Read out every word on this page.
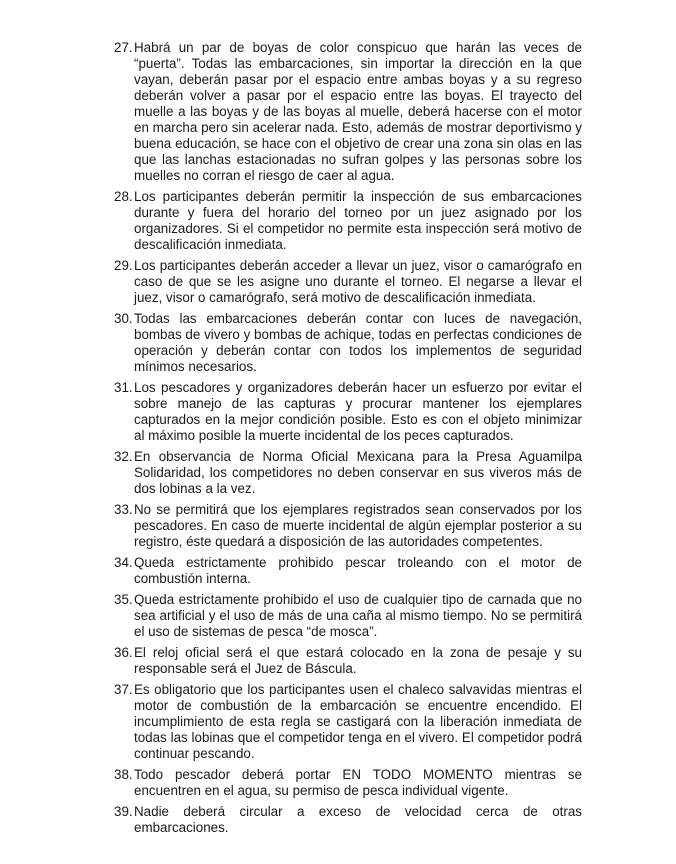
27. Habrá un par de boyas de color conspicuo que harán las veces de “puerta”. Todas las embarcaciones, sin importar la dirección en la que vayan, deberán pasar por el espacio entre ambas boyas y a su regreso deberán volver a pasar por el espacio entre las boyas. El trayecto del muelle a las boyas y de las boyas al muelle, deberá hacerse con el motor en marcha pero sin acelerar nada. Esto, además de mostrar deportivismo y buena educación, se hace con el objetivo de crear una zona sin olas en las que las lanchas estacionadas no sufran golpes y las personas sobre los muelles no corran el riesgo de caer al agua.
28. Los participantes deberán permitir la inspección de sus embarcaciones durante y fuera del horario del torneo por un juez asignado por los organizadores. Si el competidor no permite esta inspección será motivo de descalificación inmediata.
29. Los participantes deberán acceder a llevar un juez, visor o camarógrafo en caso de que se les asigne uno durante el torneo. El negarse a llevar el juez, visor o camarógrafo, será motivo de descalificación inmediata.
30. Todas las embarcaciones deberán contar con luces de navegación, bombas de vivero y bombas de achique, todas en perfectas condiciones de operación y deberán contar con todos los implementos de seguridad mínimos necesarios.
31. Los pescadores y organizadores deberán hacer un esfuerzo por evitar el sobre manejo de las capturas y procurar mantener los ejemplares capturados en la mejor condición posible. Esto es con el objeto minimizar al máximo posible la muerte incidental de los peces capturados.
32. En observancia de Norma Oficial Mexicana para la Presa Aguamilpa Solidaridad, los competidores no deben conservar en sus viveros más de dos lobinas a la vez.
33. No se permitirá que los ejemplares registrados sean conservados por los pescadores. En caso de muerte incidental de algún ejemplar posterior a su registro, éste quedará a disposición de las autoridades competentes.
34. Queda estrictamente prohibido pescar troleando con el motor de combustión interna.
35. Queda estrictamente prohibido el uso de cualquier tipo de carnada que no sea artificial y el uso de más de una caña al mismo tiempo. No se permitirá el uso de sistemas de pesca “de mosca”.
36. El reloj oficial será el que estará colocado en la zona de pesaje y su responsable será el Juez de Báscula.
37. Es obligatorio que los participantes usen el chaleco salvavidas mientras el motor de combustión de la embarcación se encuentre encendido. El incumplimiento de esta regla se castigará con la liberación inmediata de todas las lobinas que el competidor tenga en el vivero. El competidor podrá continuar pescando.
38. Todo pescador deberá portar EN TODO MOMENTO mientras se encuentren en el agua, su permiso de pesca individual vigente.
39. Nadie deberá circular a exceso de velocidad cerca de otras embarcaciones.
